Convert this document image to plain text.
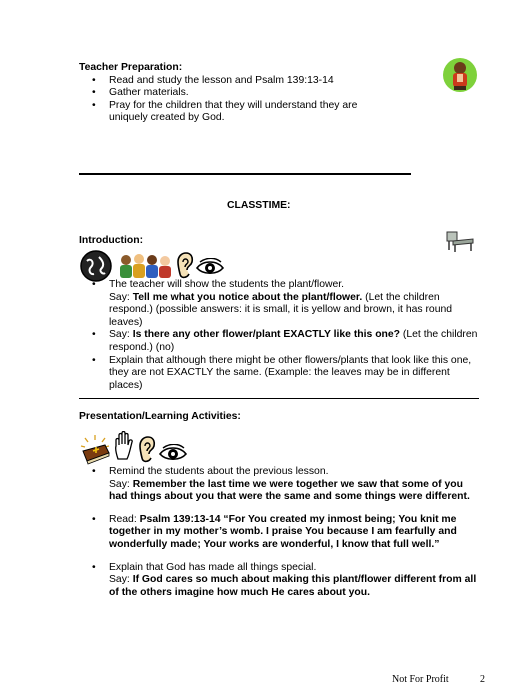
Teacher Preparation:
• Read and study the lesson and Psalm 139:13-14
• Gather materials.
• Pray for the children that they will understand they are uniquely created by God.
CLASSTIME:
Introduction:
• The teacher will show the students the plant/flower.
Say: Tell me what you notice about the plant/flower. (Let the children respond.) (possible answers: it is small, it is yellow and brown, it has round leaves)
• Say: Is there any other flower/plant EXACTLY like this one? (Let the children respond.) (no)
• Explain that although there might be other flowers/plants that look like this one, they are not EXACTLY the same. (Example: the leaves may be in different places)
Presentation/Learning Activities:
• Remind the students about the previous lesson.
Say: Remember the last time we were together we saw that some of you had things about you that were the same and some things were different.
• Read: Psalm 139:13-14 “For You created my inmost being; You knit me together in my mother’s womb. I praise You because I am fearfully and wonderfully made; Your works are wonderful, I know that full well.”
• Explain that God has made all things special.
Say: If God cares so much about making this plant/flower different from all of the others imagine how much He cares about you.
Not For Profit	2
